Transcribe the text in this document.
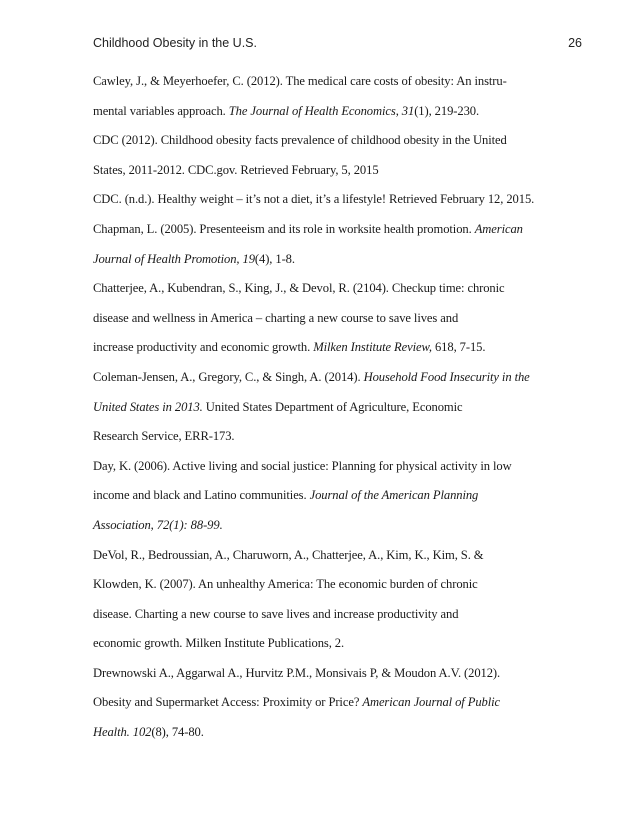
Childhood Obesity in the U.S.	26

Cawley, J., & Meyerhoefer, C. (2012). The medical care costs of obesity: An instru-
mental variables approach. The Journal of Health Economics, 31(1), 219-230.

CDC (2012). Childhood obesity facts prevalence of childhood obesity in the United
States, 2011-2012. CDC.gov. Retrieved February, 5, 2015

CDC. (n.d.). Healthy weight – it’s not a diet, it’s a lifestyle! Retrieved February 12, 2015.

Chapman, L. (2005). Presenteeism and its role in worksite health promotion. American
Journal of Health Promotion, 19(4), 1-8.

Chatterjee, A., Kubendran, S., King, J., & Devol, R. (2104). Checkup time: chronic
disease and wellness in America – charting a new course to save lives and
increase productivity and economic growth. Milken Institute Review, 618, 7-15.

Coleman-Jensen, A., Gregory, C., & Singh, A. (2014). Household Food Insecurity in the
United States in 2013. United States Department of Agriculture, Economic
Research Service, ERR-173.

Day, K. (2006). Active living and social justice: Planning for physical activity in low
income and black and Latino communities. Journal of the American Planning
Association, 72(1): 88-99.

DeVol, R., Bedroussian, A., Charuworn, A., Chatterjee, A., Kim, K., Kim, S. &
Klowden, K. (2007). An unhealthy America: The economic burden of chronic
disease. Charting a new course to save lives and increase productivity and
economic growth. Milken Institute Publications, 2.

Drewnowski A., Aggarwal A., Hurvitz P.M., Monsivais P, & Moudon A.V. (2012).
Obesity and Supermarket Access: Proximity or Price? American Journal of Public
Health. 102(8), 74-80.
